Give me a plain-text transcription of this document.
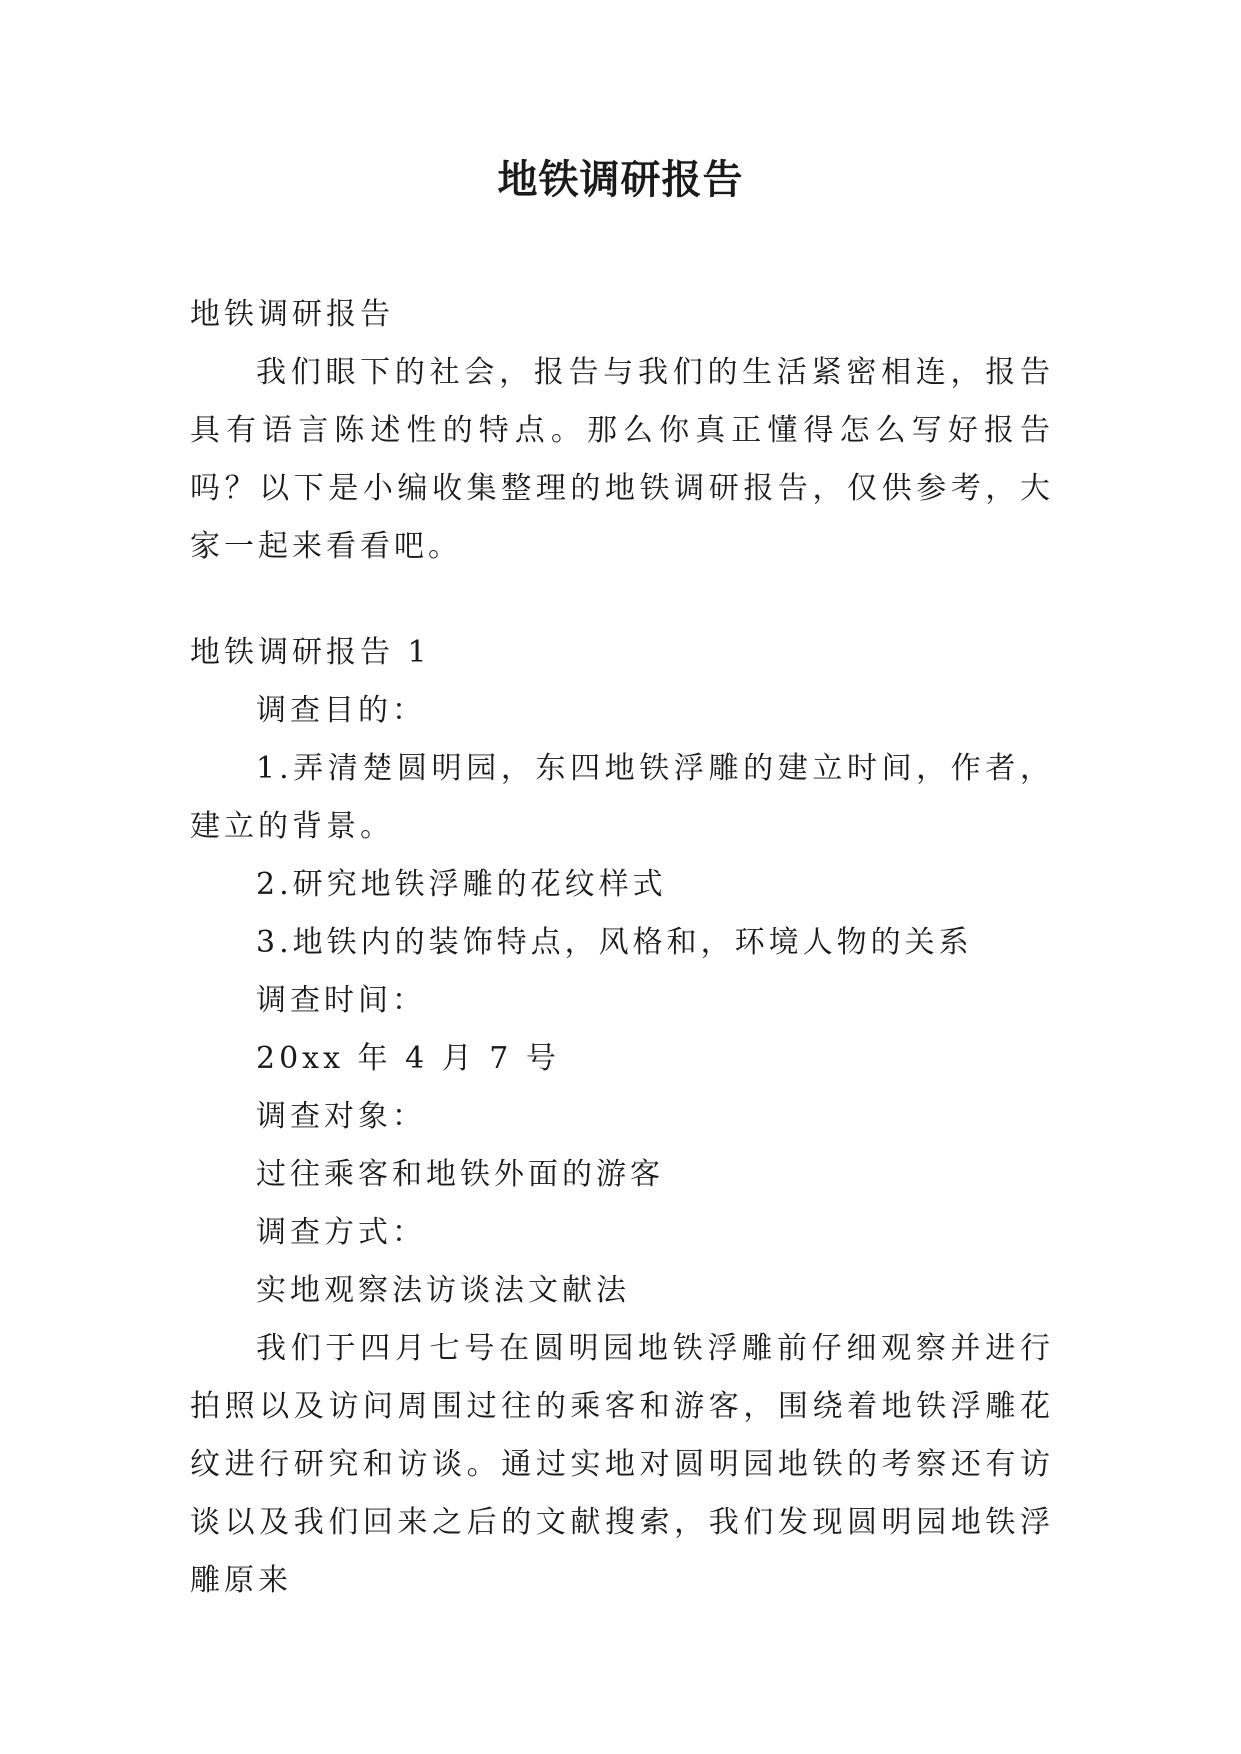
地铁调研报告

地铁调研报告

我们眼下的社会，报告与我们的生活紧密相连，报告具有语言陈述性的特点。那么你真正懂得怎么写好报告吗？以下是小编收集整理的地铁调研报告，仅供参考，大家一起来看看吧。

地铁调研报告 1

调查目的：

1.弄清楚圆明园，东四地铁浮雕的建立时间，作者，建立的背景。

2.研究地铁浮雕的花纹样式

3.地铁内的装饰特点，风格和，环境人物的关系

调查时间：

20xx 年 4 月 7 号

调查对象：

过往乘客和地铁外面的游客

调查方式：

实地观察法访谈法文献法

我们于四月七号在圆明园地铁浮雕前仔细观察并进行拍照以及访问周围过往的乘客和游客，围绕着地铁浮雕花纹进行研究和访谈。通过实地对圆明园地铁的考察还有访谈以及我们回来之后的文献搜索，我们发现圆明园地铁浮雕原来
